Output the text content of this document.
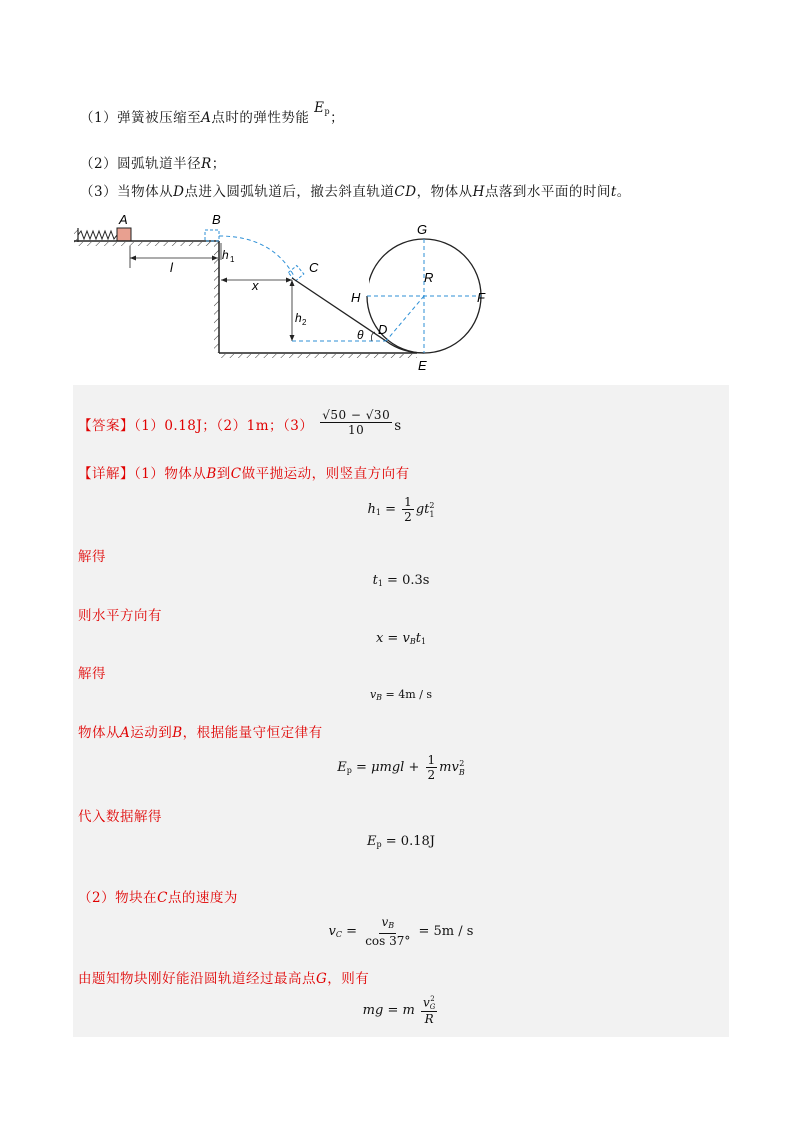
（1）弹簧被压缩至A点时的弹性势能 $E_p$；
（2）圆弧轨道半径R；
（3）当物体从D点进入圆弧轨道后，撤去斜直轨道CD，物体从H点落到水平面的时间t。
A	B
C
D
E
F
G
H
R
l
x
h 1
h 2
θ
【答案】（1）0.18J；（2）1m；$(3) \frac{√50 - √30}{10}$ s
【详解】（1）物体从B到C做平抛运动，则竖直方向有
$h_1 = \frac{1}{2}$ gt 2
1
解得
$t_1 = 0.3s$
则水平方向有
$x = v_Bt_1$
解得
$v_B = 4m / s$
物体从A运动到B，根据能量守恒定律有
$E_p = \mu mgl + \frac{1}{2}$ mv 2
B
代入数据解得
$E_p = 0.18J$
（2）物块在C点的速度为
$v_C = \frac{v_B}{\cos 37^\circ} = 5m / s$
由题知物块刚好能沿圆轨道经过最高点G，则有
mg = m v 2
G
R
